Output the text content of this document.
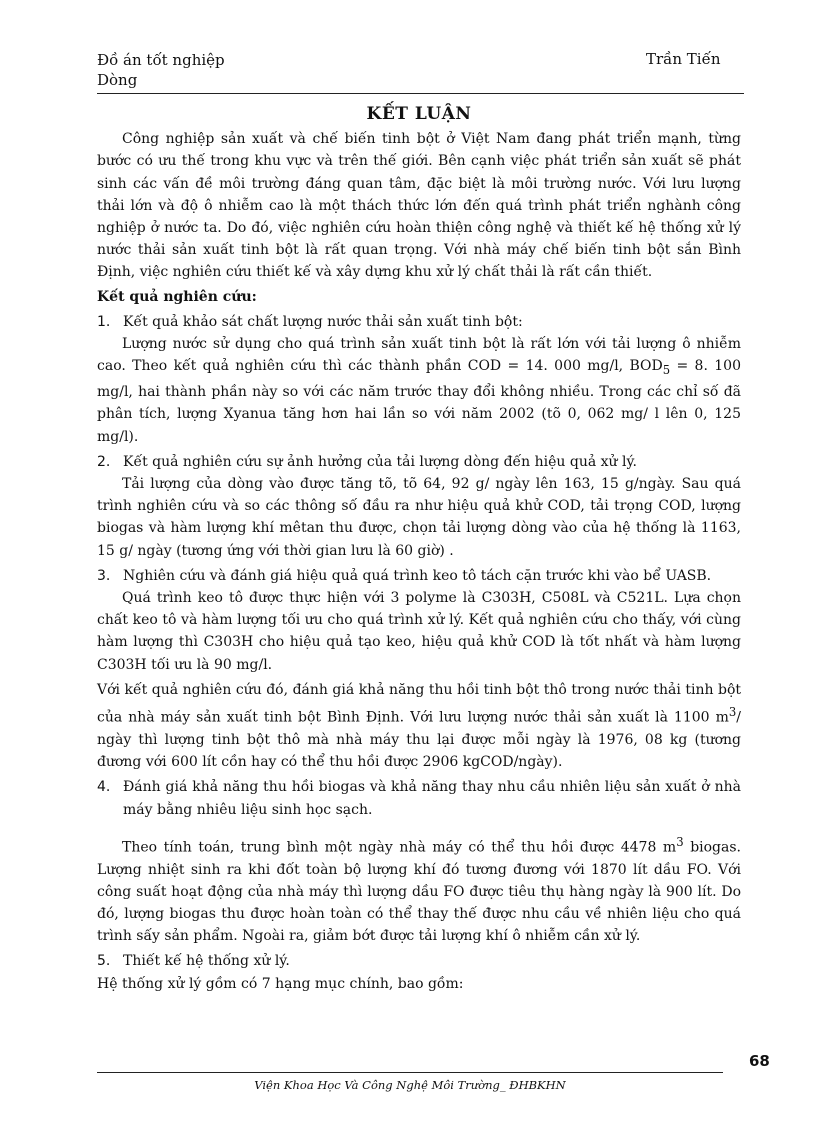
Đồ án tốt nghiệp
Dòng
Trần Tiến
KẾT LUẬN

Công nghiệp sản xuất và chế biến tinh bột ở Việt Nam đang phát triển mạnh, từng bước có ưu thế trong khu vực và trên thế giới. Bên cạnh việc phát triển sản xuất sẽ phát sinh các vấn đề môi trường đáng quan tâm, đặc biệt là môi trường nước. Với lưu lượng thải lớn và độ ô nhiễm cao là một thách thức lớn đến quá trình phát triển nghành công nghiệp ở nước ta. Do đó, việc nghiên cứu hoàn thiện công nghệ và thiết kế hệ thống xử lý nước thải sản xuất tinh bột là rất quan trọng. Với nhà máy chế biến tinh bột sắn Bình Định, việc nghiên cứu thiết kế và xây dựng khu xử lý chất thải là rất cần thiết.

Kết quả nghiên cứu:

1. Kết quả khảo sát chất lượng nước thải sản xuất tinh bột:

Lượng nước sử dụng cho quá trình sản xuất tinh bột là rất lớn với tải lượng ô nhiễm cao. Theo kết quả nghiên cứu thì các thành phần COD = 14. 000 mg/l, $BOD_5 = 8$. 100 mg/l, hai thành phần này so với các năm trước thay đổi không nhiều. Trong các chỉ số đã phân tích, lượng Xyanua tăng hơn hai lần so với năm 2002 (tõ 0, 062 mg/ l lên 0, 125 mg/l).

2. Kết quả nghiên cứu sự ảnh hưởng của tải lượng dòng đến hiệu quả xử lý.

Tải lượng của dòng vào được tăng tõ, tõ 64, 92 g/ ngày lên 163, 15 g/ngày. Sau quá trình nghiên cứu và so các thông số đầu ra như hiệu quả khử COD, tải trọng COD, lượng biogas và hàm lượng khí mêtan thu được, chọn tải lượng dòng vào của hệ thống là 1163, 15 g/ ngày (tương ứng với thời gian lưu là 60 giờ) .

3. Nghiên cứu và đánh giá hiệu quả quá trình keo tô tách cặn trước khi vào bể UASB.

Quá trình keo tô được thực hiện với 3 polyme là C303H, C508L và C521L. Lựa chọn chất keo tô và hàm lượng tối ưu cho quá trình xử lý. Kết quả nghiên cứu cho thấy, với cùng hàm lượng thì C303H cho hiệu quả tạo keo, hiệu quả khử COD là tốt nhất và hàm lượng C303H tối ưu là 90 mg/l.

Với kết quả nghiên cứu đó, đánh giá khả năng thu hồi tinh bột thô trong nước thải tinh bột của nhà máy sản xuất tinh bột Bình Định. Với lưu lượng nước thải sản xuất là 1100 $m^3/$ ngày thì lượng tinh bột thô mà nhà máy thu lại được mỗi ngày là 1976, 08 kg (tương đương với 600 lít cồn hay có thể thu hồi được 2906 kgCOD/ngày).

4. Đánh giá khả năng thu hồi biogas và khả năng thay nhu cầu nhiên liệu sản xuất ở nhà máy bằng nhiêu liệu sinh học sạch.

Theo tính toán, trung bình một ngày nhà máy có thể thu hồi được 4478 $m^3$ biogas. Lượng nhiệt sinh ra khi đốt toàn bộ lượng khí đó tương đương với 1870 lít dầu FO. Với công suất hoạt động của nhà máy thì lượng dầu FO được tiêu thụ hàng ngày là 900 lít. Do đó, lượng biogas thu được hoàn toàn có thể thay thế được nhu cầu về nhiên liệu cho quá trình sấy sản phẩm. Ngoài ra, giảm bớt được tải lượng khí ô nhiễm cần xử lý.

5. Thiết kế hệ thống xử lý.

Hệ thống xử lý gồm có 7 hạng mục chính, bao gồm:

68
Viện Khoa Học Và Công Nghệ Môi Trường_ ĐHBKHN
